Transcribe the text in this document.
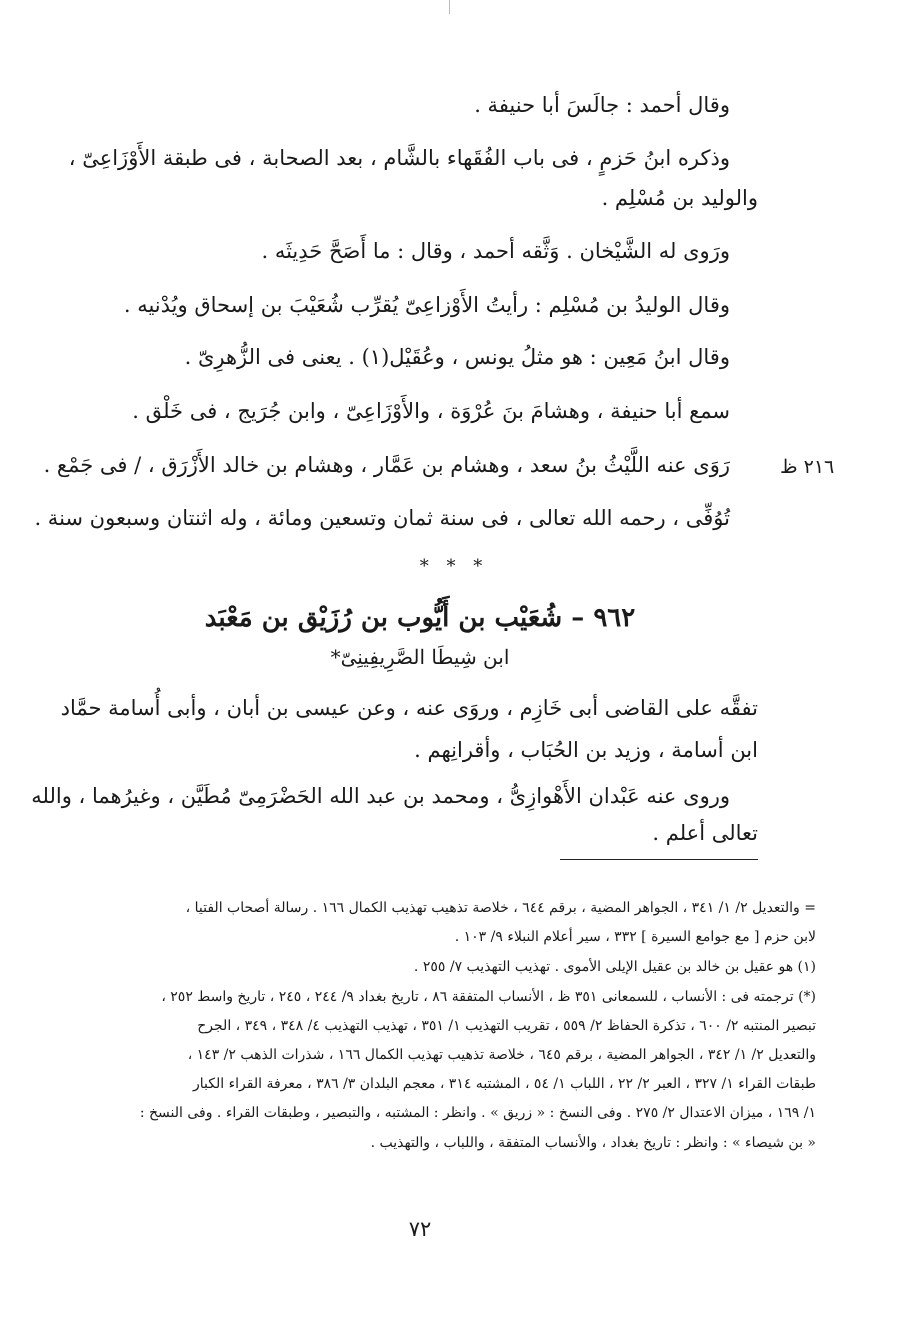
وقال أحمد : جالَسَ أبا حنيفة .
وذكره ابنُ حَزمٍ ، فى باب الفُقَهاء بالشَّام ، بعد الصحابة ، فى طبقة الأَوْزَاعِىّ ،
والوليد بن مُسْلِم .
ورَوى له الشَّيْخان . وَثَّقه أحمد ، وقال : ما أَصَحَّ حَدِيثَه .
وقال الوليدُ بن مُسْلِم : رأيتُ الأَوْزاعِىّ يُقرِّب شُعَيْبَ بن إسحاق ويُدْنيه .
وقال ابنُ مَعِين : هو مثلُ يونس ، وعُقَيْل(١) . يعنى فى الزُّهرِىّ .
سمع أبا حنيفة ، وهشامَ بنَ عُرْوَة ، والأَوْزَاعِىّ ، وابن جُرَيج ، فى خَلْق .
رَوَى عنه اللَّيْثُ بنُ سعد ، وهشام بن عَمَّار ، وهشام بن خالد الأَزْرَق ، / فى جَمْع .
تُوُفِّى ، رحمه الله تعالى ، فى سنة ثمان وتسعين ومائة ، وله اثنتان وسبعون سنة .
٢١٦ ظ
* * *
٩٦٢ – شُعَيْب بن أَيُّوب بن رُزَيْق بن مَعْبَد
ابن شِيطَا الصَّرِيفِينِىّ*
تفقَّه على القاضى أبى خَازِم ، وروَى عنه ، وعن عيسى بن أبان ، وأبى أُسامة حمَّاد
ابن أسامة ، وزيد بن الحُبَاب ، وأقرانِهم .
وروى عنه عَبْدان الأَهْوازِىُّ ، ومحمد بن عبد الله الحَضْرَمِىّ مُطَيَّن ، وغيرُهما ، والله
تعالى أعلم .
= والتعديل ٢/ ١/ ٣٤١ ، الجواهر المضية ، برقم ٦٤٤ ، خلاصة تذهيب تهذيب الكمال ١٦٦ . رسالة أصحاب الفتيا ،
لابن حزم [ مع جوامع السيرة ] ٣٣٢ ، سير أعلام النبلاء ٩/ ١٠٣ .
(١) هو عقيل بن خالد بن عقيل الإيلى الأموى . تهذيب التهذيب ٧/ ٢٥٥ .
(*) ترجمته فى : الأنساب ، للسمعانى ٣٥١ ظ ، الأنساب المتفقة ٨٦ ، تاريخ بغداد ٩/ ٢٤٤ ، ٢٤٥ ، تاريخ واسط ٢٥٢ ،
تبصير المنتبه ٢/ ٦٠٠ ، تذكرة الحفاظ ٢/ ٥٥٩ ، تقريب التهذيب ١/ ٣٥١ ، تهذيب التهذيب ٤/ ٣٤٨ ، ٣٤٩ ، الجرح
والتعديل ٢/ ١/ ٣٤٢ ، الجواهر المضية ، برقم ٦٤٥ ، خلاصة تذهيب تهذيب الكمال ١٦٦ ، شذرات الذهب ٢/ ١٤٣ ،
طبقات القراء ١/ ٣٢٧ ، العبر ٢/ ٢٢ ، اللباب ١/ ٥٤ ، المشتبه ٣١٤ ، معجم البلدان ٣/ ٣٨٦ ، معرفة القراء الكبار
١/ ١٦٩ ، ميزان الاعتدال ٢/ ٢٧٥ . وفى النسخ : « زريق » . وانظر : المشتبه ، والتبصير ، وطبقات القراء . وفى النسخ :
« بن شيصاء » : وانظر : تاريخ بغداد ، والأنساب المتفقة ، واللباب ، والتهذيب .
٧٢
